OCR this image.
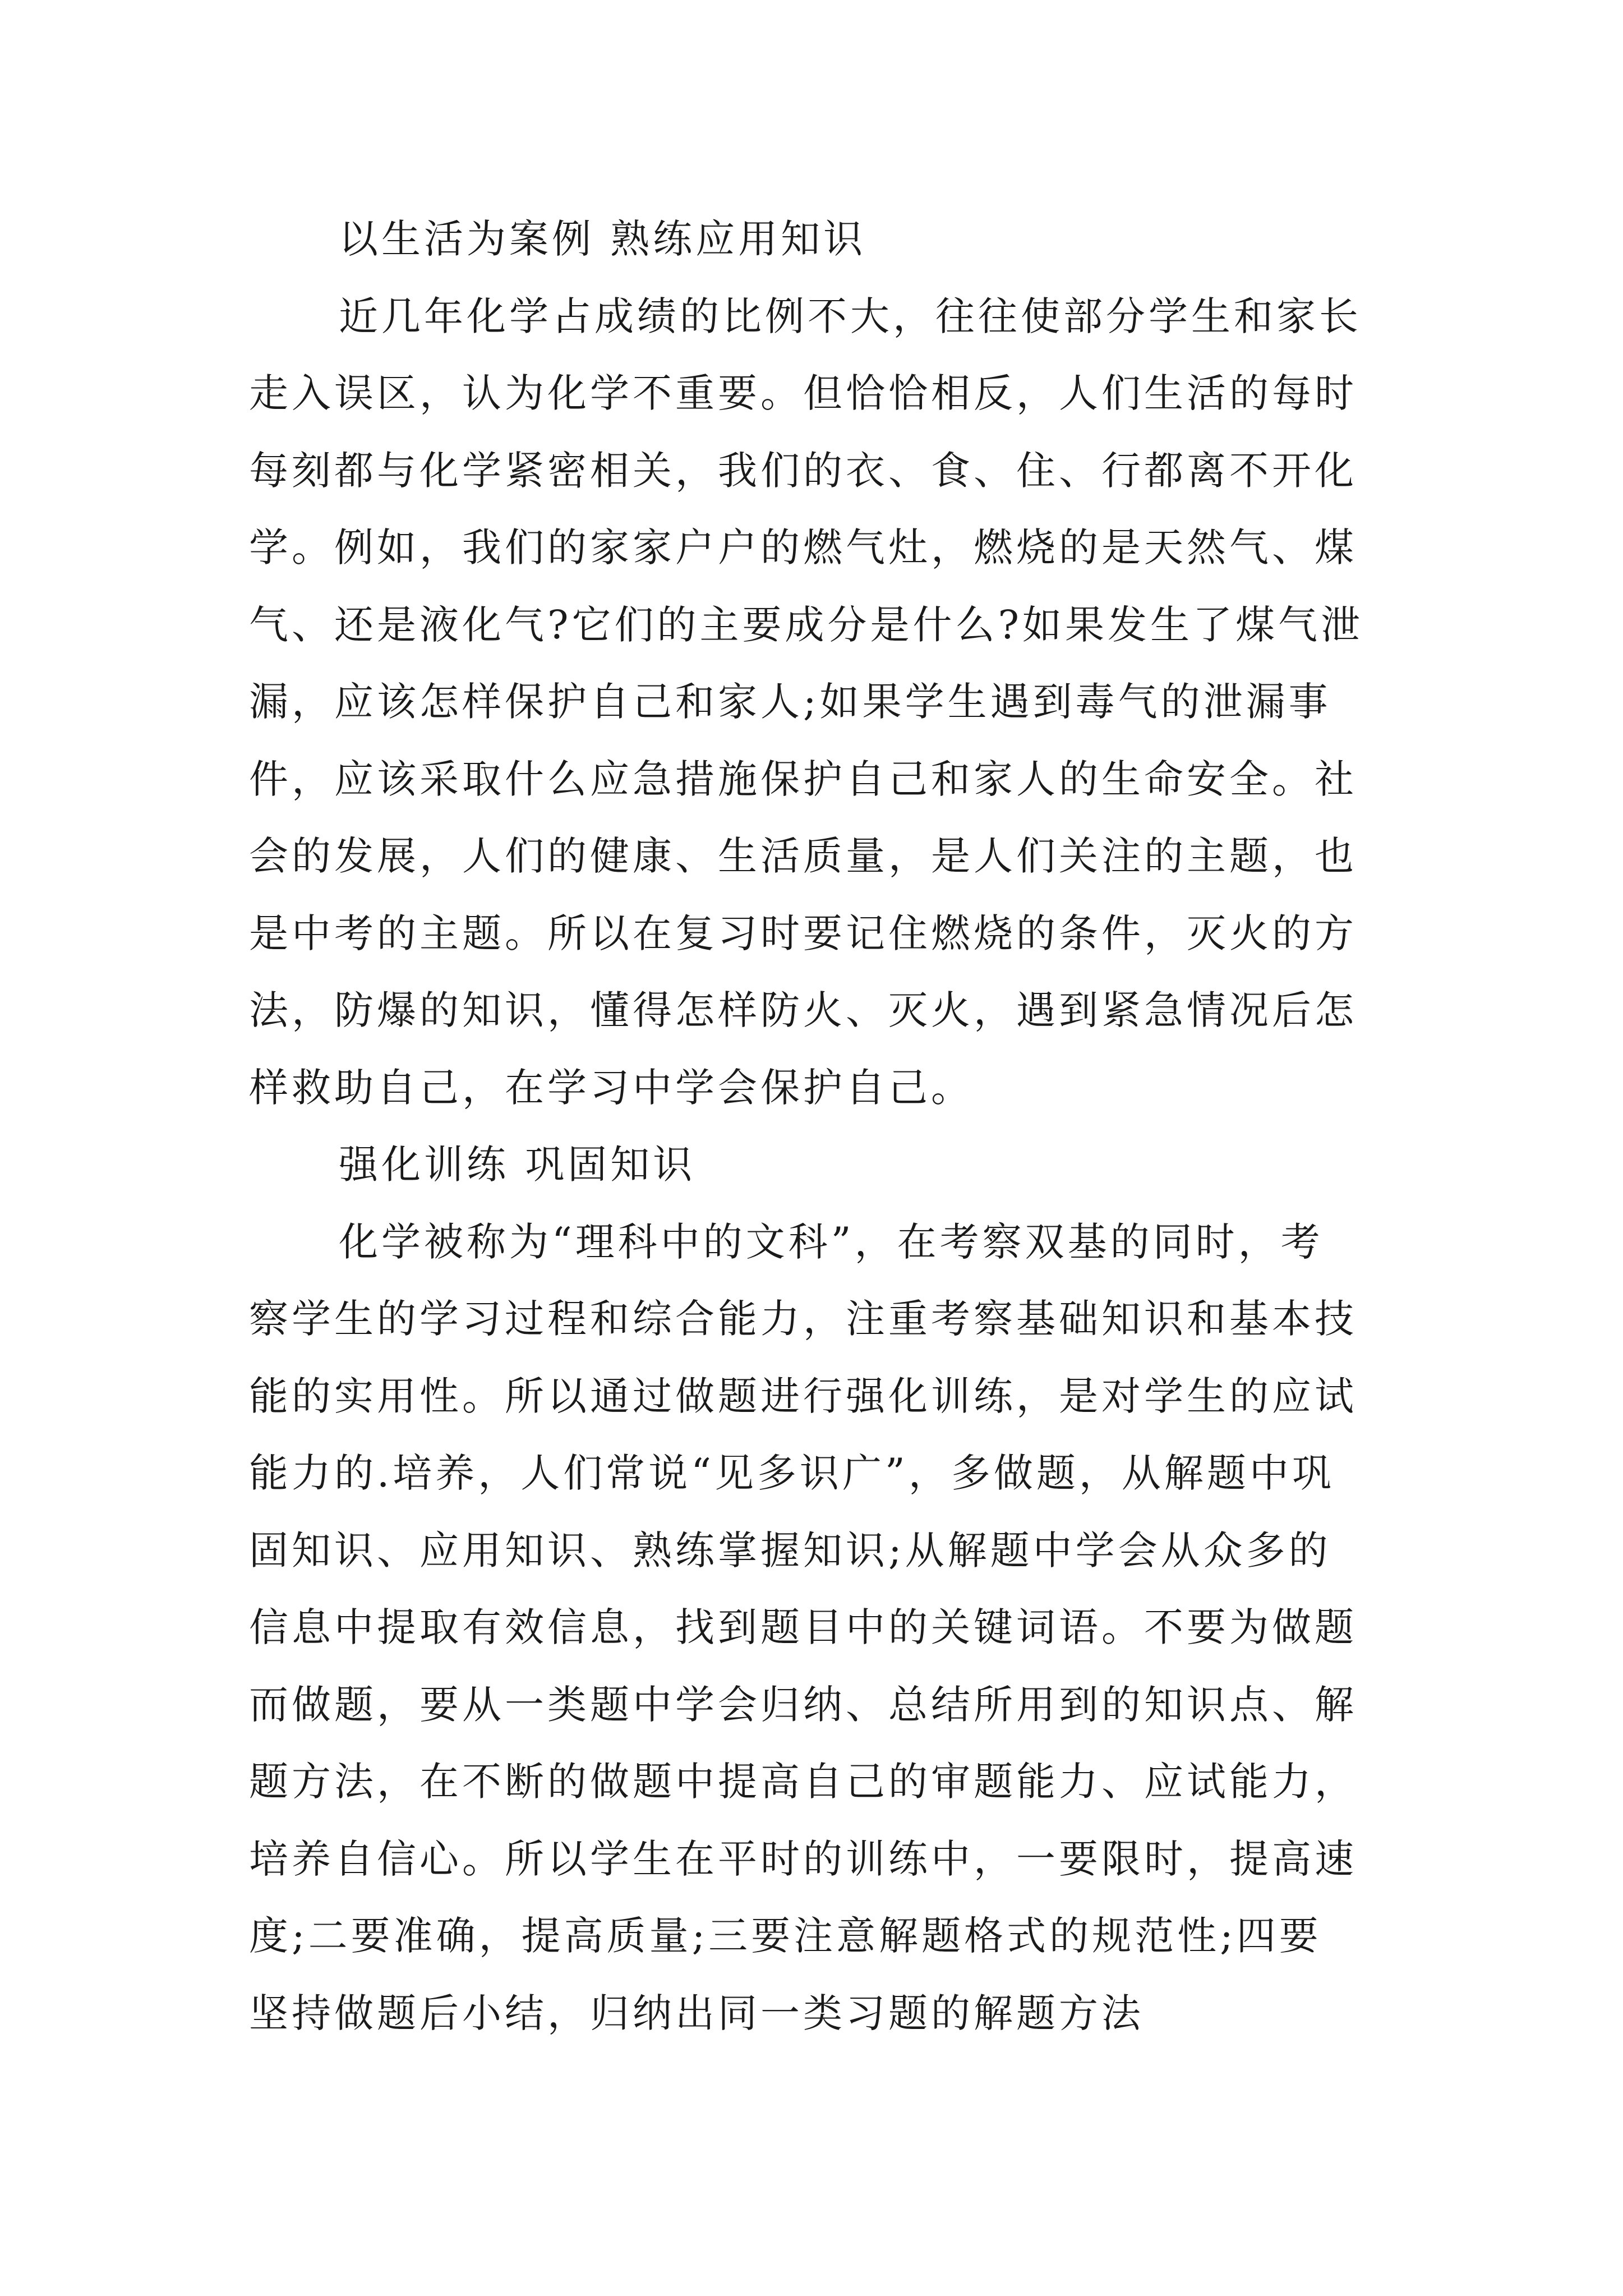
以生活为案例 熟练应用知识
近几年化学占成绩的比例不大，往往使部分学生和家长
走入误区，认为化学不重要。但恰恰相反，人们生活的每时
每刻都与化学紧密相关，我们的衣、食、住、行都离不开化
学。例如，我们的家家户户的燃气灶，燃烧的是天然气、煤
气、还是液化气?它们的主要成分是什么?如果发生了煤气泄
漏，应该怎样保护自己和家人;如果学生遇到毒气的泄漏事
件，应该采取什么应急措施保护自己和家人的生命安全。社
会的发展，人们的健康、生活质量，是人们关注的主题，也
是中考的主题。所以在复习时要记住燃烧的条件，灭火的方
法，防爆的知识，懂得怎样防火、灭火，遇到紧急情况后怎
样救助自己，在学习中学会保护自己。
强化训练 巩固知识
化学被称为“理科中的文科”，在考察双基的同时，考
察学生的学习过程和综合能力，注重考察基础知识和基本技
能的实用性。所以通过做题进行强化训练，是对学生的应试
能力的.培养，人们常说“见多识广”，多做题，从解题中巩
固知识、应用知识、熟练掌握知识;从解题中学会从众多的
信息中提取有效信息，找到题目中的关键词语。不要为做题
而做题，要从一类题中学会归纳、总结所用到的知识点、解
题方法，在不断的做题中提高自己的审题能力、应试能力，
培养自信心。所以学生在平时的训练中，一要限时，提高速
度;二要准确，提高质量;三要注意解题格式的规范性;四要
坚持做题后小结，归纳出同一类习题的解题方法
